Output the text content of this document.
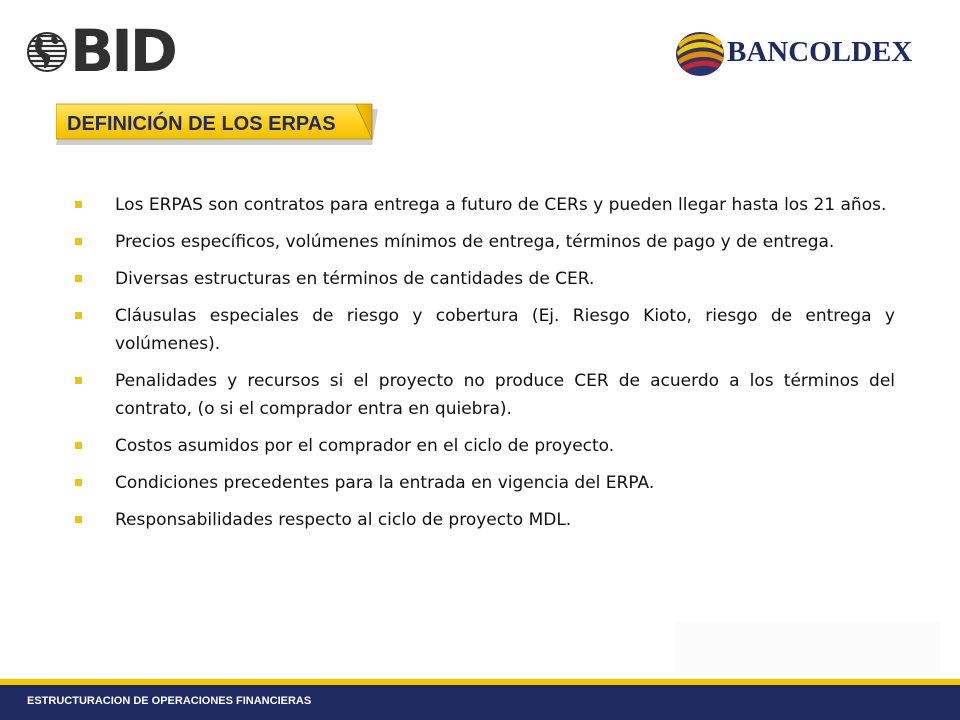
BID	BANCOLDEX
DEFINICIÓN DE LOS ERPAS
Los ERPAS son contratos para entrega a futuro de CERs y pueden llegar hasta los 21 años.
Precios específicos, volúmenes mínimos de entrega, términos de pago y de entrega.
Diversas estructuras en términos de cantidades de CER.
Cláusulas especiales de riesgo y cobertura (Ej. Riesgo Kioto, riesgo de entrega y volúmenes).
Penalidades y recursos si el proyecto no produce CER de acuerdo a los términos del contrato, (o si el comprador entra en quiebra).
Costos asumidos por el comprador en el ciclo de proyecto.
Condiciones precedentes para la entrada en vigencia del ERPA.
Responsabilidades respecto al ciclo de proyecto MDL.
ESTRUCTURACION DE OPERACIONES FINANCIERAS
